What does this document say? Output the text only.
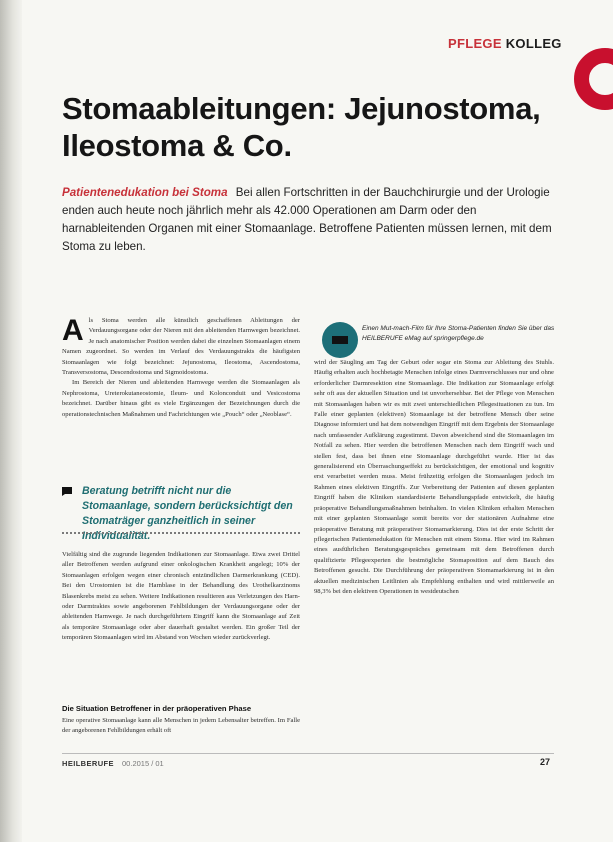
PFLEGE KOLLEG
Stomaableitungen: Jejunostoma, Ileostoma & Co.

Patientenedukation bei Stoma Bei allen Fortschritten in der Bauchchirurgie und der Urologie enden auch heute noch jährlich mehr als 42.000 Operationen am Darm oder den harnableitenden Organen mit einer Stomaanlage. Betroffene Patienten müssen lernen, mit dem Stoma zu leben.

Einen Mut-mach-Film für Ihre Stoma-Patienten finden Sie über das HEILBERUFE eMag auf springerpflege.de

Als Stoma werden alle künstlich geschaffenen Ableitungen der Verdauungsorgane oder der Nieren mit den ableitenden Harnwegen bezeichnet. Je nach anatomischer Position werden dabei die einzelnen Stomaanlagen einem Namen zugeordnet. So werden im Verlauf des Verdauungstrakts die häufigsten Stomaanlagen wie folgt bezeichnet: Jejunostoma, Ileostoma, Ascendostoma, Transversostoma, Descendostoma und Sigmoidostoma.

Im Bereich der Nieren und ableitenden Harnwege werden die Stomaanlagen als Nephrostoma, Ureterokutaneostomie, Ileum- und Kolonconduit und Vesicostoma bezeichnet. Darüber hinaus gibt es viele Ergänzungen der Bezeichnungen durch die operationstechnischen Maßnahmen und Fachrichtungen wie „Pouch“ oder „Neoblase“.

Beratung betrifft nicht nur die Stomaanlage, sondern berücksichtigt den Stomaträger ganzheitlich in seiner Individualität.

Vielfältig sind die zugrunde liegenden Indikationen zur Stomaanlage. Etwa zwei Drittel aller Betroffenen werden aufgrund einer onkologischen Krankheit angelegt; 10% der Stomaanlagen erfolgen wegen einer chronisch entzündlichen Darmerkrankung (CED). Bei den Urostomien ist die Harnblase in der Behandlung des Urothelkarzinoms Blasenkrebs meist zu sehen. Weitere Indikationen resultieren aus Verletzungen des Harn- oder Darmtraktes sowie angeborenen Fehlbildungen der Verdauungsorgane oder der ableitenden Harnwege. Je nach durchgeführtem Eingriff kann die Stomaanlage auf Zeit als temporäre Stomaanlage oder aber dauerhaft gestaltet werden. Ein großer Teil der temporären Stomaanlagen wird im Abstand von Wochen wieder zurückverlegt.

Die Situation Betroffener in der präoperativen Phase

Eine operative Stomaanlage kann alle Menschen in jedem Lebensalter betreffen. Im Falle der angeborenen Fehlbildungen erhält oft

wird der Säugling am Tag der Geburt oder sogar ein Stoma zur Ableitung des Stuhls. Häufig erhalten auch hochbetagte Menschen infolge eines Darmverschlusses nur und ohne erforderlicher Darmresektion eine Stomaanlage. Die Indikation zur Stomaanlage erfolgt sehr oft aus der aktuellen Situation und ist unvorhersehbar. Bei der Pflege von Menschen mit Stomaanlagen haben wir es mit zwei unterschiedlichen Pflegesituationen zu tun. Im Falle einer geplanten (elektiven) Stomaanlage ist der betroffene Mensch über seine Diagnose informiert und hat dem notwendigen Eingriff mit dem Ergebnis der Stomaanlage nach umfassender Aufklärung zugestimmt. Davon abweichend sind die Stomaanlagen im Notfall zu sehen. Hier werden die betroffenen Menschen nach dem Eingriff wach und stellen fest, dass bei ihnen eine Stomaanlage durchgeführt wurde. Hier ist das generalisierend ein Überraschungseffekt zu berücksichtigen, der emotional und kognitiv erst verarbeitet werden muss. Meist frühzeitig erfolgen die Stomaanlagen jedoch im Rahmen eines elektiven Eingriffs. Zur Vorbereitung der Patienten auf diesen geplanten Eingriff haben die Kliniken standardisierte Behandlungspfade entwickelt, die häufig präoperative Behandlungsmaßnahmen beinhalten. In vielen Kliniken erhalten Menschen mit einer geplanten Stomaanlage somit bereits vor der stationären Aufnahme eine präoperative Beratung mit präoperativer Stomamarkierung. Dies ist der erste Schritt der pflegerischen Patientenedukation für Menschen mit einem Stoma. Hier wird im Rahmen eines ausführlichen Beratungsgespräches gemeinsam mit dem Betroffenen durch qualifizierte Pflegeexperten die bestmögliche Stomaposition auf dem Bauch des Betroffenen gesucht. Die Durchführung der präoperativen Stomamarkierung ist in den aktuellen medizinischen Leitlinien als Empfehlung enthalten und wird mittlerweile an 98,3% bei den elektiven Operationen in westdeutschen

HEILBERUFE 00.2015 / 01	27
